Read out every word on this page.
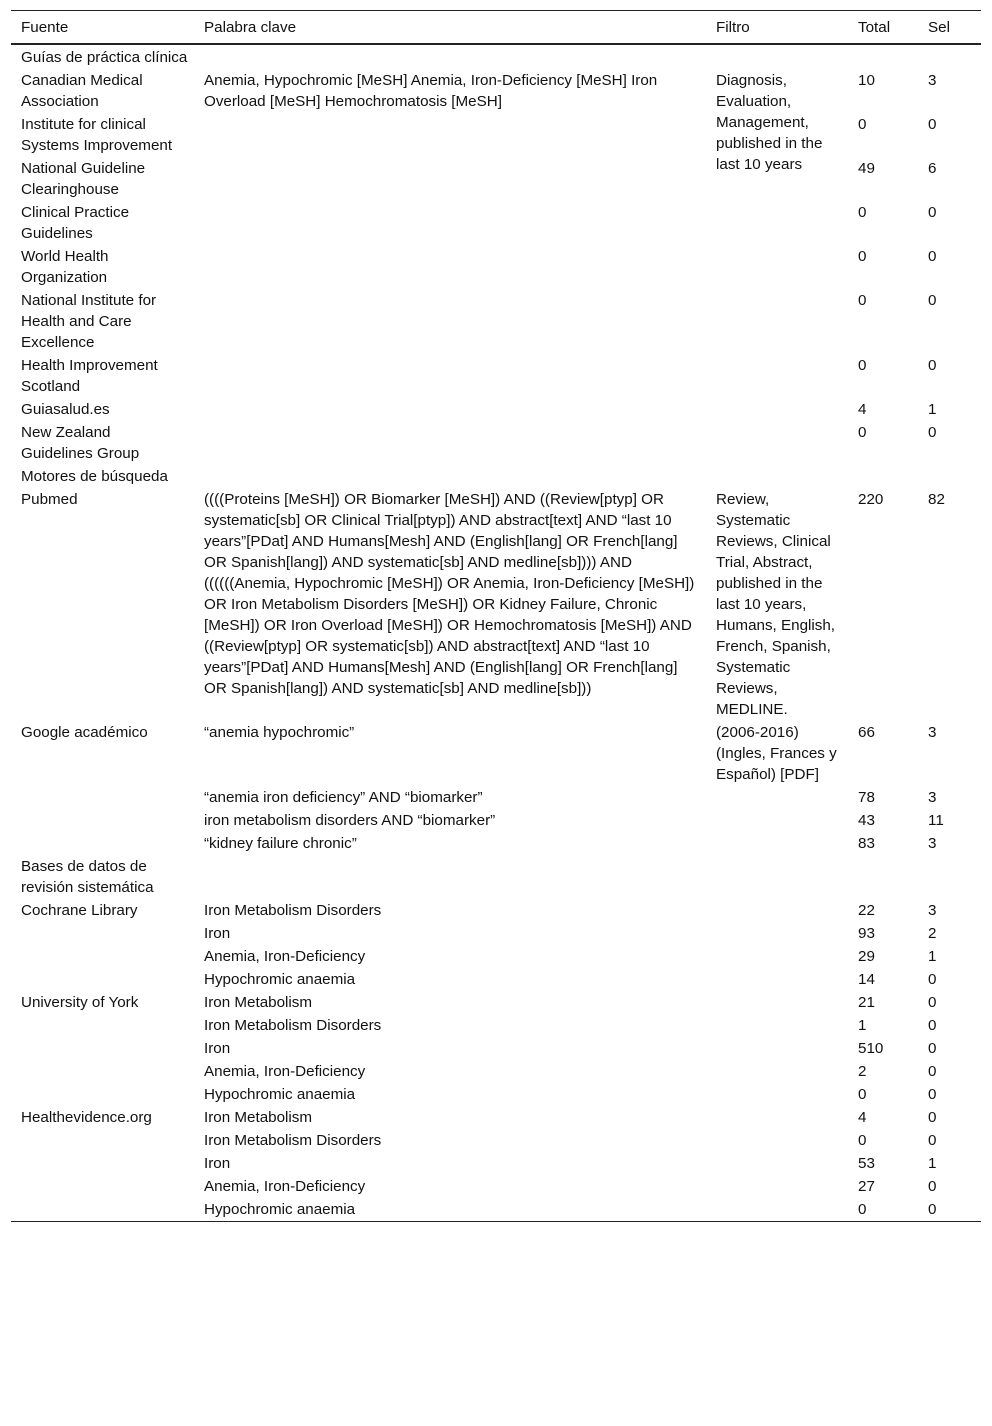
Fuente	Palabra clave	Filtro	Total	Sel
Guías de práctica clínica				
Canadian Medical Association	Anemia, Hypochromic [MeSH] Anemia, Iron-Deficiency [MeSH] Iron Overload [MeSH] Hemochromatosis [MeSH]	Diagnosis, Evaluation, Management, published in the last 10 years	10	3
Institute for clinical Systems Improvement			0	0
National Guideline Clearinghouse			49	6
Clinical Practice Guidelines			0	0
World Health Organization			0	0
National Institute for Health and Care Excellence			0	0
Health Improvement Scotland			0	0
Guiasalud.es			4	1
New Zealand Guidelines Group			0	0
Motores de búsqueda				
Pubmed	((((Proteins [MeSH]) OR Biomarker [MeSH]) AND ((Review[ptyp] OR systematic[sb] OR Clinical Trial[ptyp]) AND abstract[text] AND “last 10 years”[PDat] AND Humans[Mesh] AND (English[lang] OR French[lang] OR Spanish[lang]) AND systematic[sb] AND medline[sb]))) AND ((((((Anemia, Hypochromic [MeSH]) OR Anemia, Iron-Deficiency [MeSH]) OR Iron Metabolism Disorders [MeSH]) OR Kidney Failure, Chronic [MeSH]) OR Iron Overload [MeSH]) OR Hemochromatosis [MeSH]) AND ((Review[ptyp] OR systematic[sb]) AND abstract[text] AND “last 10 years”[PDat] AND Humans[Mesh] AND (English[lang] OR French[lang] OR Spanish[lang]) AND systematic[sb] AND medline[sb]))	Review, Systematic Reviews, Clinical Trial, Abstract, published in the last 10 years, Humans, English, French, Spanish, Systematic Reviews, MEDLINE.	220	82
Google académico	“anemia hypochromic”	(2006-2016) (Ingles, Frances y Español) [PDF]	66	3
	“anemia iron deficiency” AND “biomarker”		78	3
	iron metabolism disorders AND “biomarker”		43	11
	“kidney failure chronic”		83	3
Bases de datos de revisión sistemática				
Cochrane Library	Iron Metabolism Disorders		22	3
	Iron		93	2
	Anemia, Iron-Deficiency		29	1
	Hypochromic anaemia		14	0
University of York	Iron Metabolism		21	0
	Iron Metabolism Disorders		1	0
	Iron		510	0
	Anemia, Iron-Deficiency		2	0
	Hypochromic anaemia		0	0
Healthevidence.org	Iron Metabolism		4	0
	Iron Metabolism Disorders		0	0
	Iron		53	1
	Anemia, Iron-Deficiency		27	0
	Hypochromic anaemia		0	0
